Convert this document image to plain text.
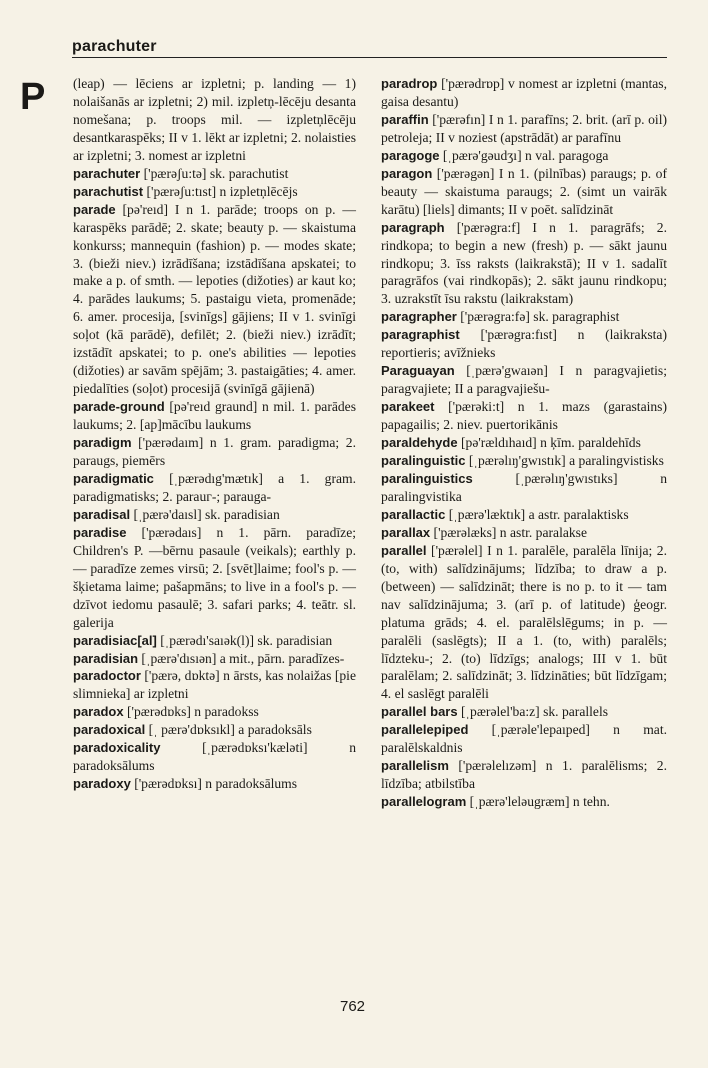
parachuter
P (leap) — lēciens ar izpletni; p. landing — 1) nolaišanās ar izpletni; 2) mil. izpletņ-lēcēju desanta nomešana; p. troops mil. — izpletņlēcēju desantkaraspēks; II v 1. lēkt ar izpletni; 2. nolaisties ar izpletni; 3. nomest ar izpletni

parachuter ['pærəʃu:tə] sk. parachutist

parachutist ['pærəʃu:tıst] n izpletņlēcējs

parade [pə'reıd] I n 1. parāde; troops on p. — karaspēks parādē; 2. skate; beauty p. — skaistuma konkurss; mannequin (fashion) p. — modes skate; 3. (bieži niev.) izrādīšana; izstādīšana apskatei; to make a p. of smth. — lepoties (dižoties) ar kaut ko; 4. parādes laukums; 5. pastaigu vieta, promenāde; 6. amer. procesija, [svinīgs] gājiens; II v 1. svinīgi soļot (kā parādē), defilēt; 2. (bieži niev.) izrādīt; izstādīt apskatei; to p. one's abilities — lepoties (dižoties) ar savām spējām; 3. pastaigāties; 4. amer. piedalīties (soļot) procesijā (svinīgā gājienā)

parade-ground [pə'reıd graund] n mil. 1. parādes laukums; 2. [ap]mācību laukums

paradigm ['pærədaım] n 1. gram. paradigma; 2. paraugs, piemērs

paradigmatic [ˌpærədıg'mætık] a 1. gram. paradigmatisks; 2. parauг-; parauga-

paradisal [ˌpærə'daısl] sk. paradisian

paradise ['pærədaıs] n 1. pārn. paradīze; Children's P. —bērnu pasaule (veikals); earthly p. — paradīze zemes virsū; 2. [svēt]laime; fool's p. — šķietama laime; pašapmāns; to live in a fool's p. — dzīvot iedomu pasaulē; 3. safari parks; 4. teātr. sl. galerija

paradisiac[al] [ˌpærədı'saıək(l)] sk. paradisian

paradisian [ˌpærə'dısıən] a mit., pārn. paradīzes-

paradoctor ['pærə, dɒktə] n ārsts, kas nolaižas [pie slimnieka] ar izpletni

paradox ['pærədɒks] n paradokss

paradoxical [ˌ pærə'dɒksıkl] a paradoksāls

paradoxicality [ˌpærədɒksı'kæləti] n paradoksālums

paradoxy ['pærədɒksı] n paradoksālums

paradrop ['pærədrɒp] v nomest ar izpletni (mantas, gaisa desantu)

paraffin ['pærəfın] I n 1. parafīns; 2. brit. (arī p. oil) petroleja; II v noziest (apstrādāt) ar parafīnu

paragoge [ˌpærə'gəudʒı] n val. paragoga

paragon ['pærəgən] I n 1. (pilnības) paraugs; p. of beauty — skaistuma paraugs; 2. (simt un vairāk karātu) [liels] dimants; II v poēt. salīdzināt

paragraph ['pærəgra:f] I n 1. paragrāfs; 2. rindkopa; to begin a new (fresh) p. — sākt jaunu rindkopu; 3. īss raksts (laikrakstā); II v 1. sadalīt paragrāfos (vai rindkopās); 2. sākt jaunu rindkopu; 3. uzrakstīt īsu rakstu (laikrakstam)

paragrapher ['pærəgra:fə] sk. paragraphist

paragraphist ['pærəgra:fıst] n (laikraksta) reportieris; avīžnieks

Paraguayan [ˌpærə'gwaıən] I n paragvajietis; paragvajiete; II a paragvajiešu-

parakeet ['pærəki:t] n 1. mazs (garastains) papagailis; 2. niev. puertorikānis

paraldehyde [pə'rældıhaıd] n ķīm. paraldehīds

paralinguistic [ˌpærəlıŋ'gwıstık] a paralingvistisks

paralinguistics [ˌpærəlıŋ'gwıstıks] n paralingvistika

parallactic [ˌpærə'læktık] a astr. paralaktisks

parallax ['pærəlæks] n astr. paralakse

parallel ['pærəlel] I n 1. paralēle, paralēla līnija; 2. (to, with) salīdzinājums; līdzība; to draw a p. (between) — salīdzināt; there is no p. to it — tam nav salīdzinājuma; 3. (arī p. of latitude) ģeogr. platuma grāds; 4. el. paralēlslēgums; in p. — paralēli (saslēgts); II a 1. (to, with) paralēls; līdzteku-; 2. (to) līdzīgs; analogs; III v 1. būt paralēlam; 2. salīdzināt; 3. līdzināties; būt līdzīgam; 4. el saslēgt paralēli

parallel bars [ˌpærəlel'ba:z] sk. parallels

parallelepiped [ˌpærəle'lepaıped] n mat. paralēlskaldnis

parallelism ['pærəlelızəm] n 1. paralēlisms; 2. līdzība; atbilstība

parallelogram [ˌpærə'leləugræm] n tehn.

762
